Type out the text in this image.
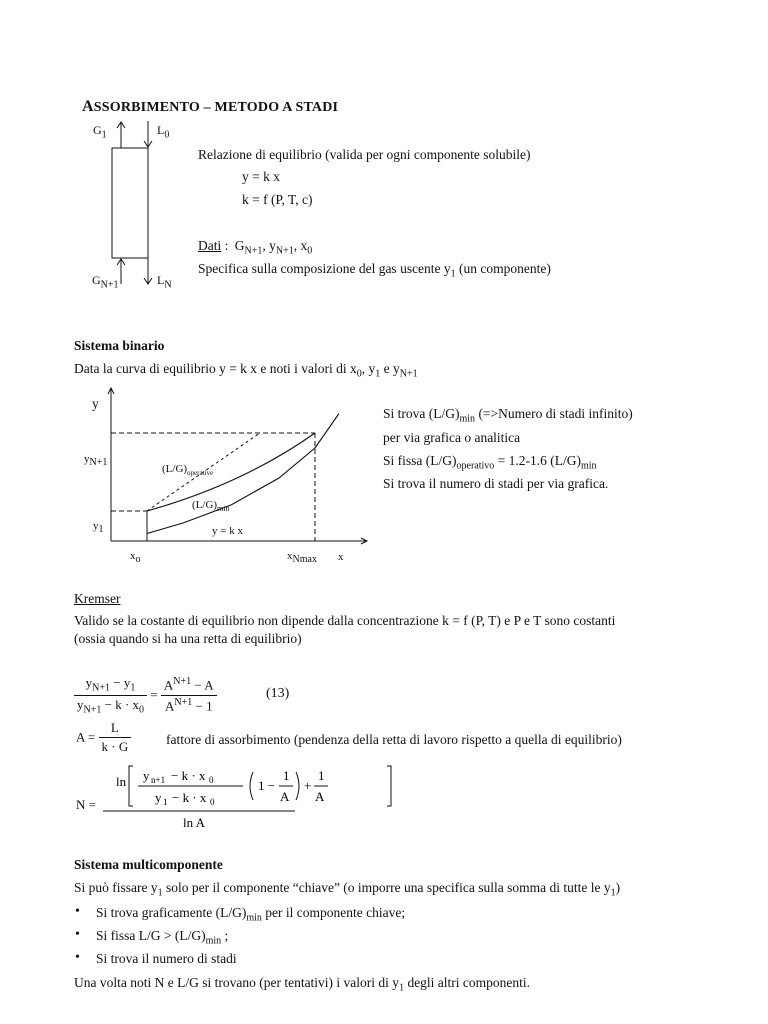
ASSORBIMENTO – METODO A STADI
$G_1$	$L_0$
$G_{N+1}$	$L_N$
Relazione di equilibrio (valida per ogni componente solubile)
y = k x
k = f (P, T, c)
Dati : $G_{N+1}$, $y_{N+1}$, $x_0$
Specifica sulla composizione del gas uscente $y_1$ (un componente)
Sistema binario
Data la curva di equilibrio y = k x e noti i valori di $x_0$, $y_1$ e $y_{N+1}$
y
x
$y_{N+1}$
$y_1$
$x_o$	$x_{Nmax}$
$(L/G)_{operative}$
$(L/G)_{min}$
y = k x
Si trova $(L/G)_{min}$ (=>Numero di stadi infinito)
per via grafica o analitica
Si fissa $(L/G)_{operativo} = 1.2-1.6$ $(L/G)_{min}$
Si trova il numero di stadi per via grafica.
Kremser
Valido se la costante di equilibrio non dipende dalla concentrazione k = f (P, T) e P e T sono costanti
(ossia quando si ha una retta di equilibrio)
$\frac{y_{N+1} - y_1}{y_{N+1} - k \cdot x_0} = \frac{A^{N+1} - A}{A^{N+1} - 1}$	(13)
$A = \frac{L}{k \cdot G}$	fattore di assorbimento (pendenza della retta di lavoro rispetto a quella di equilibrio)
N =
ln y n+1 − k · x 0
y 1 − k · x 0
1 −
1
A
+
1
A
ln A
Sistema multicomponente
Si può fissare $y_1$ solo per il componente “chiave” (o imporre una specifica sulla somma di tutte le $y_1$)
• Si trova graficamente $(L/G)_{min}$ per il componente chiave;
• Si fissa $L/G > (L/G)_{min}$ ;
• Si trova il numero di stadi
Una volta noti N e L/G si trovano (per tentativi) i valori di $y_1$ degli altri componenti.
